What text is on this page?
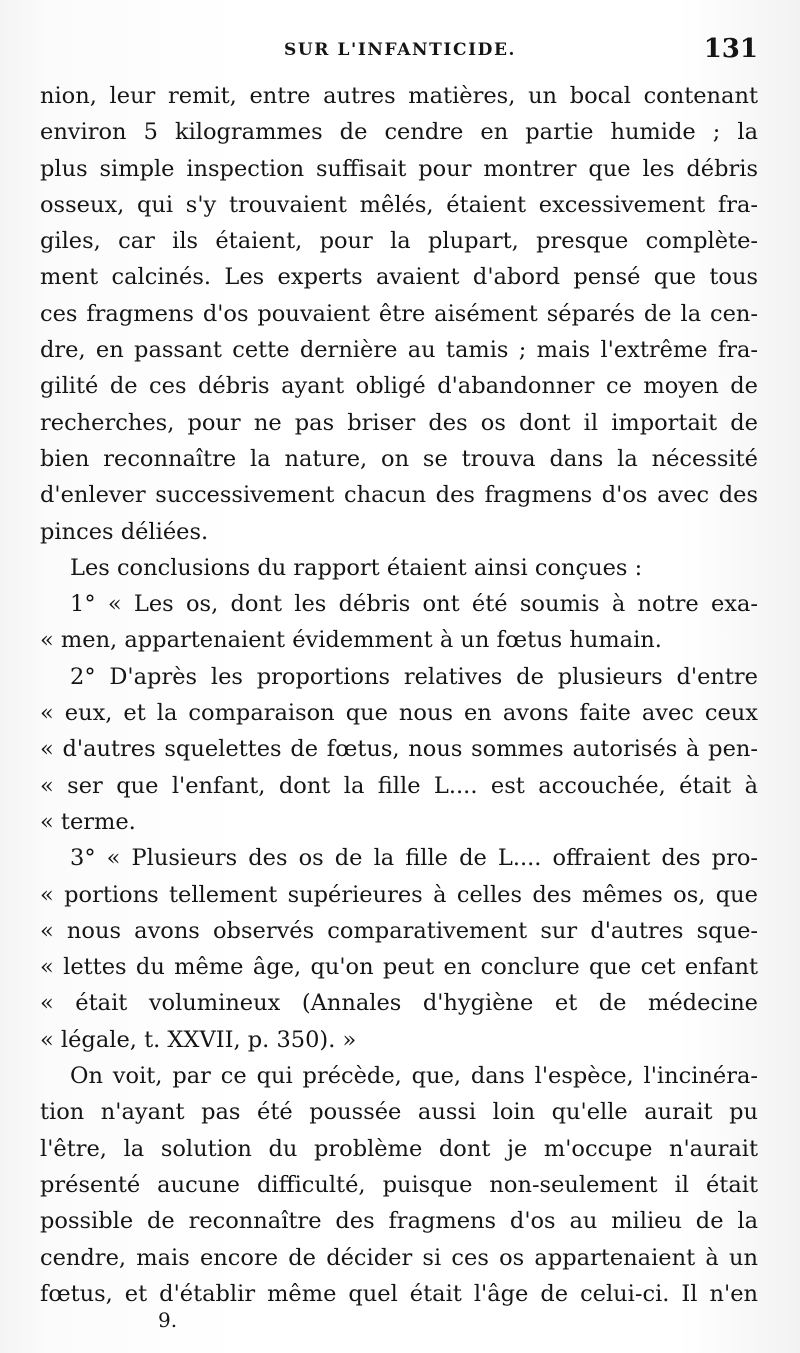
SUR L'INFANTICIDE.	131
nion, leur remit, entre autres matières, un bocal contenant
environ 5 kilogrammes de cendre en partie humide ; la
plus simple inspection suffisait pour montrer que les débris
osseux, qui s'y trouvaient mêlés, étaient excessivement fra-
giles, car ils étaient, pour la plupart, presque complète-
ment calcinés. Les experts avaient d'abord pensé que tous
ces fragmens d'os pouvaient être aisément séparés de la cen-
dre, en passant cette dernière au tamis ; mais l'extrême fra-
gilité de ces débris ayant obligé d'abandonner ce moyen de
recherches, pour ne pas briser des os dont il importait de
bien reconnaître la nature, on se trouva dans la nécessité
d'enlever successivement chacun des fragmens d'os avec des
pinces déliées.
Les conclusions du rapport étaient ainsi conçues :
1° « Les os, dont les débris ont été soumis à notre exa-
« men, appartenaient évidemment à un fœtus humain.
2° D'après les proportions relatives de plusieurs d'entre
« eux, et la comparaison que nous en avons faite avec ceux
« d'autres squelettes de fœtus, nous sommes autorisés à pen-
« ser que l'enfant, dont la fille L.... est accouchée, était à
« terme.
3° « Plusieurs des os de la fille de L.... offraient des pro-
« portions tellement supérieures à celles des mêmes os, que
« nous avons observés comparativement sur d'autres sque-
« lettes du même âge, qu'on peut en conclure que cet enfant
« était volumineux (Annales d'hygiène et de médecine
« légale, t. XXVII, p. 350). »
On voit, par ce qui précède, que, dans l'espèce, l'incinéra-
tion n'ayant pas été poussée aussi loin qu'elle aurait pu
l'être, la solution du problème dont je m'occupe n'aurait
présenté aucune difficulté, puisque non-seulement il était
possible de reconnaître des fragmens d'os au milieu de la
cendre, mais encore de décider si ces os appartenaient à un
fœtus, et d'établir même quel était l'âge de celui-ci. Il n'en
9.
